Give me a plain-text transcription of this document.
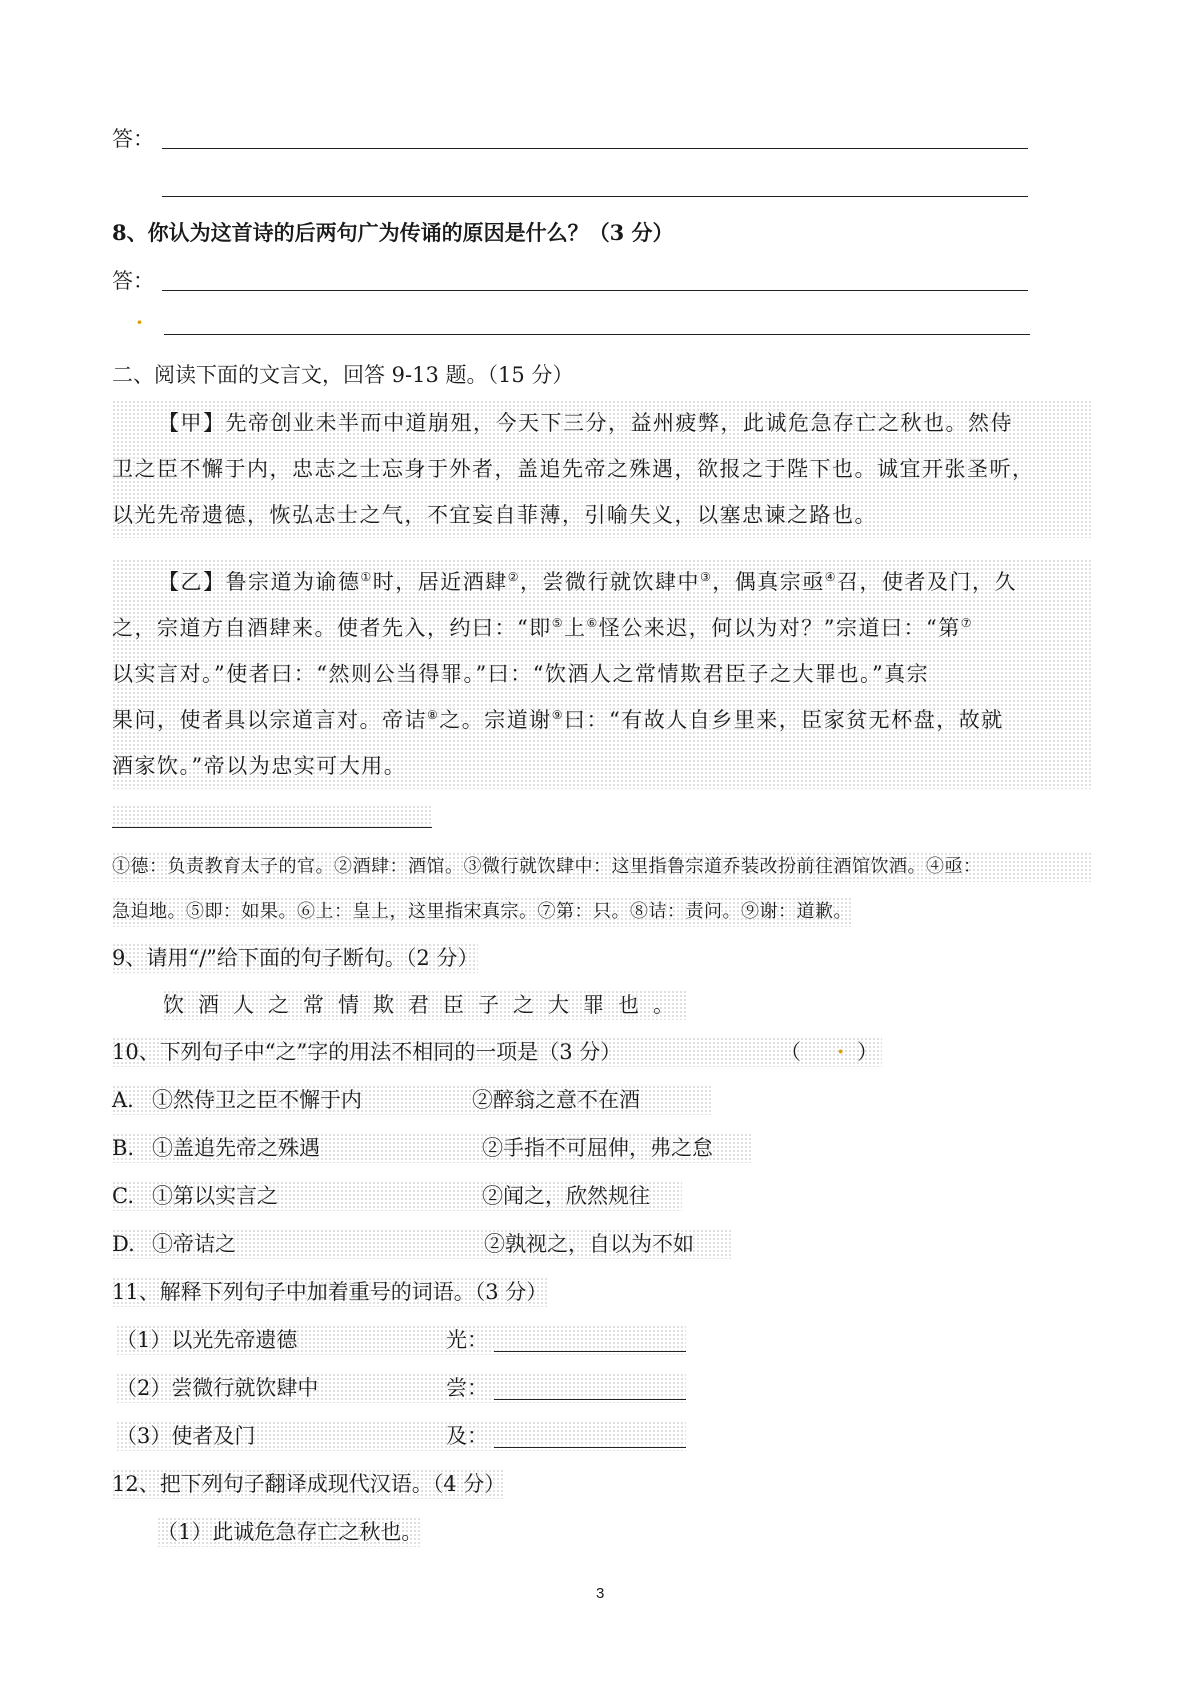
答：
8、你认为这首诗的后两句广为传诵的原因是什么？（3 分）
答：
·
二、阅读下面的文言文，回答 9-13 题。（15 分）
【甲】先帝创业未半而中道崩殂，今天下三分，益州疲弊，此诚危急存亡之秋也。然侍
卫之臣不懈于内，忠志之士忘身于外者，盖追先帝之殊遇，欲报之于陛下也。诚宜开张圣听，
以光先帝遗德，恢弘志士之气，不宜妄自菲薄，引喻失义，以塞忠谏之路也。
【乙】鲁宗道为谕德①时，居近酒肆②，尝微行就饮肆中③，偶真宗亟④召，使者及门，久
之，宗道方自酒肆来。使者先入，约曰：“即⑤上⑥怪公来迟，何以为对？”宗道曰：“第⑦
以实言对。”使者曰：“然则公当得罪。”曰：“饮酒人之常情欺君臣子之大罪也。”真宗
果问，使者具以宗道言对。帝诘⑧之。宗道谢⑨曰：“有故人自乡里来，臣家贫无杯盘，故就
酒家饮。”帝以为忠实可大用。
①德：负责教育太子的官。②酒肆：酒馆。③微行就饮肆中：这里指鲁宗道乔装改扮前往酒馆饮酒。④亟：
急迫地。⑤即：如果。⑥上：皇上，这里指宋真宗。⑦第：只。⑧诘：责问。⑨谢：道歉。
9、请用“/”给下面的句子断句。（2 分）
饮酒人之常情欺君臣子之大罪也。
10、下列句子中“之”字的用法不相同的一项是（3 分）	（ · ）
A. ①然侍卫之臣不懈于内	②醉翁之意不在酒
B. ①盖追先帝之殊遇	②手指不可屈伸，弗之怠
C. ①第以实言之	②闻之，欣然规往
D. ①帝诘之	②孰视之，自以为不如
11、解释下列句子中加着重号的词语。（3 分）
（1）以光先帝遗德	光：
（2）尝微行就饮肆中	尝：
（3）使者及门	及：
12、把下列句子翻译成现代汉语。（4 分）
（1）此诚危急存亡之秋也。
3
